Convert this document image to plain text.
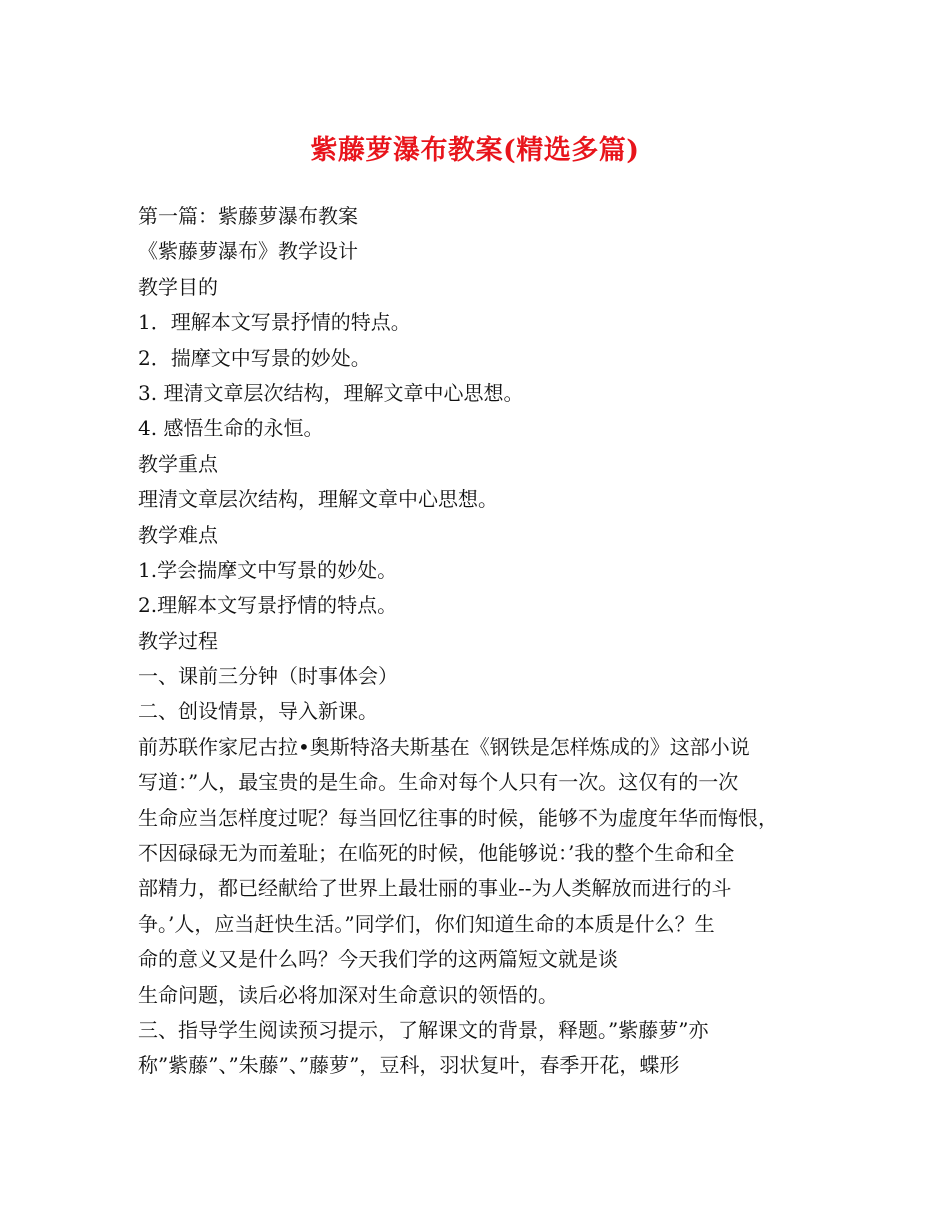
紫藤萝瀑布教案(精选多篇)
第一篇：紫藤萝瀑布教案
《紫藤萝瀑布》教学设计
教学目的
1．理解本文写景抒情的特点。
2．揣摩文中写景的妙处。
3. 理清文章层次结构，理解文章中心思想。
4. 感悟生命的永恒。
教学重点
理清文章层次结构，理解文章中心思想。
教学难点
1.学会揣摩文中写景的妙处。
2.理解本文写景抒情的特点。
教学过程
一、课前三分钟（时事体会）
二、创设情景，导入新课。
前苏联作家尼古拉•奥斯特洛夫斯基在《钢铁是怎样炼成的》这部小说
写道：”人，最宝贵的是生命。生命对每个人只有一次。这仅有的一次
生命应当怎样度过呢？每当回忆往事的时候，能够不为虚度年华而悔恨，
不因碌碌无为而羞耻；在临死的时候，他能够说：’我的整个生命和全
部精力，都已经献给了世界上最壮丽的事业--为人类解放而进行的斗
争。’人，应当赶快生活。”同学们，你们知道生命的本质是什么？生
命的意义又是什么吗？今天我们学的这两篇短文就是谈
生命问题，读后必将加深对生命意识的领悟的。
三、指导学生阅读预习提示，了解课文的背景，释题。”紫藤萝”亦
称”紫藤”、”朱藤”、”藤萝”，豆科，羽状复叶，春季开花，蝶形
